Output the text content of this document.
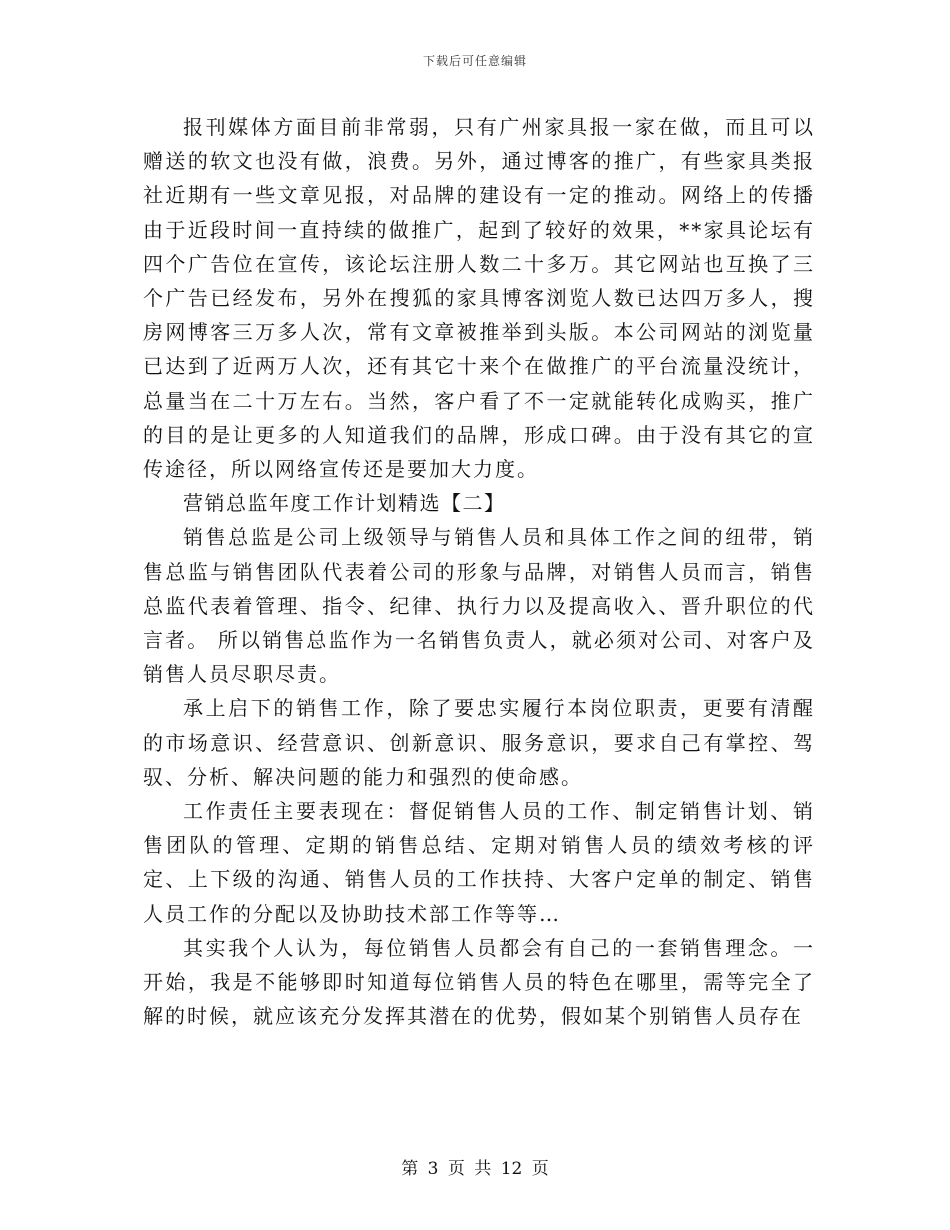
下载后可任意编辑

报刊媒体方面目前非常弱，只有广州家具报一家在做，而且可以赠送的软文也没有做，浪费。另外，通过博客的推广，有些家具类报社近期有一些文章见报，对品牌的建设有一定的推动。网络上的传播由于近段时间一直持续的做推广，起到了较好的效果，**家具论坛有四个广告位在宣传，该论坛注册人数二十多万。其它网站也互换了三个广告已经发布，另外在搜狐的家具博客浏览人数已达四万多人，搜房网博客三万多人次，常有文章被推举到头版。本公司网站的浏览量已达到了近两万人次，还有其它十来个在做推广的平台流量没统计，总量当在二十万左右。当然，客户看了不一定就能转化成购买，推广的目的是让更多的人知道我们的品牌，形成口碑。由于没有其它的宣传途径，所以网络宣传还是要加大力度。

营销总监年度工作计划精选【二】

销售总监是公司上级领导与销售人员和具体工作之间的纽带，销售总监与销售团队代表着公司的形象与品牌，对销售人员而言，销售总监代表着管理、指令、纪律、执行力以及提高收入、晋升职位的代言者。 所以销售总监作为一名销售负责人，就必须对公司、对客户及销售人员尽职尽责。

承上启下的销售工作，除了要忠实履行本岗位职责，更要有清醒的市场意识、经营意识、创新意识、服务意识，要求自己有掌控、驾驭、分析、解决问题的能力和强烈的使命感。

工作责任主要表现在：督促销售人员的工作、制定销售计划、销售团队的管理、定期的销售总结、定期对销售人员的绩效考核的评定、上下级的沟通、销售人员的工作扶持、大客户定单的制定、销售人员工作的分配以及协助技术部工作等等…

其实我个人认为，每位销售人员都会有自己的一套销售理念。一开始，我是不能够即时知道每位销售人员的特色在哪里，需等完全了解的时候，就应该充分发挥其潜在的优势，假如某个别销售人员存在

第 3 页 共 12 页
